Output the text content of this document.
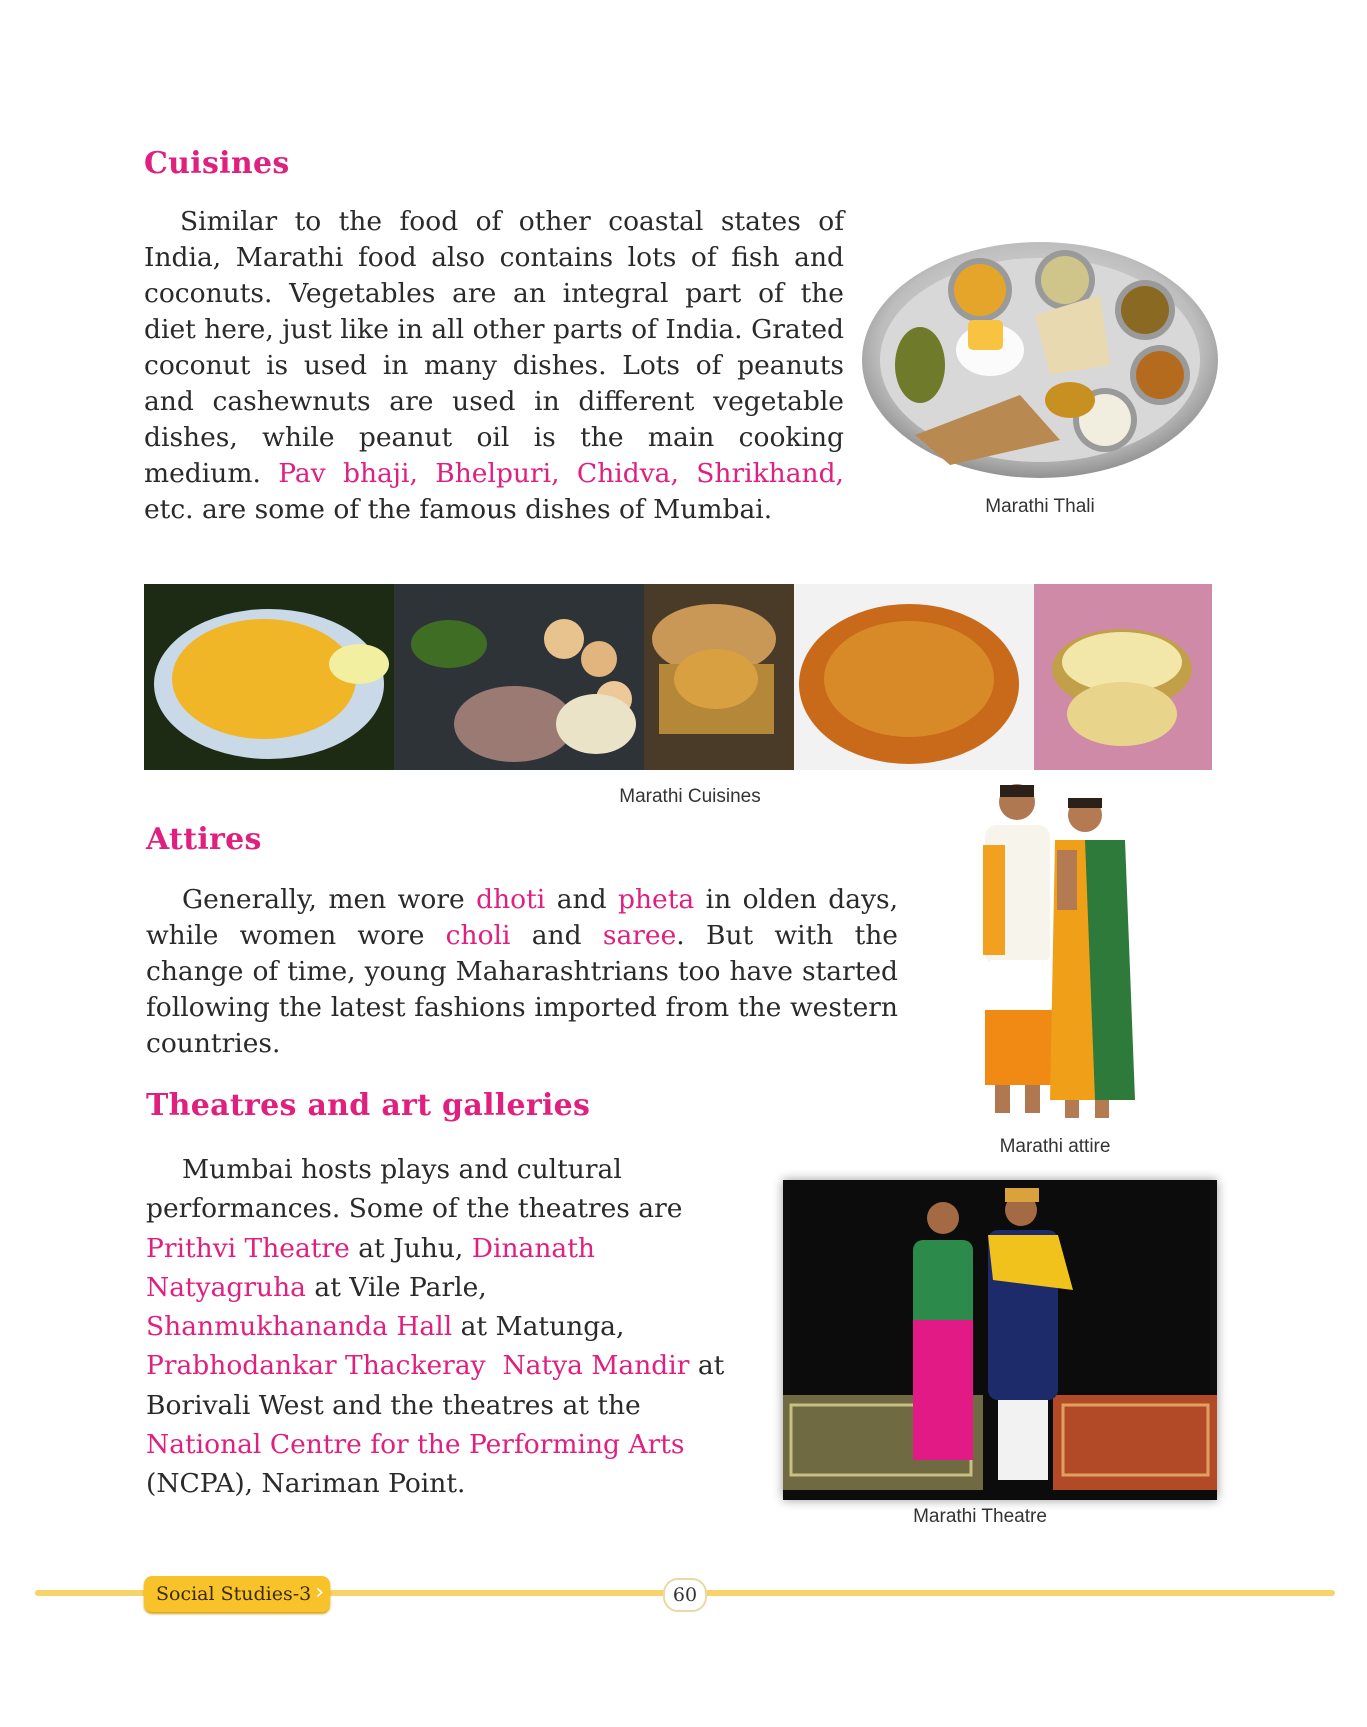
Cuisines

Similar to the food of other coastal states of India, Marathi food also contains lots of fish and coconuts. Vegetables are an integral part of the diet here, just like in all other parts of India. Grated coconut is used in many dishes. Lots of peanuts and cashewnuts are used in different vegetable dishes, while peanut oil is the main cooking medium. Pav bhaji, Bhelpuri, Chidva, Shrikhand, etc. are some of the famous dishes of Mumbai.	Marathi Thali

Marathi Cuisines

Attires

Generally, men wore dhoti and pheta in olden days, while women wore choli and saree. But with the change of time, young Maharashtrians too have started following the latest fashions imported from the western countries.

Marathi attire

Theatres and art galleries
Mumbai hosts plays and cultural
performances. Some of the theatres are
Prithvi Theatre at Juhu, Dinanath
Natyagruha at Vile Parle,
Shanmukhananda Hall at Matunga,
Prabhodankar Thackeray  Natya Mandir at
Borivali West and the theatres at the
National Centre for the Performing Arts
(NCPA), Nariman Point.

Marathi Theatre

Social Studies-3 ›	60
